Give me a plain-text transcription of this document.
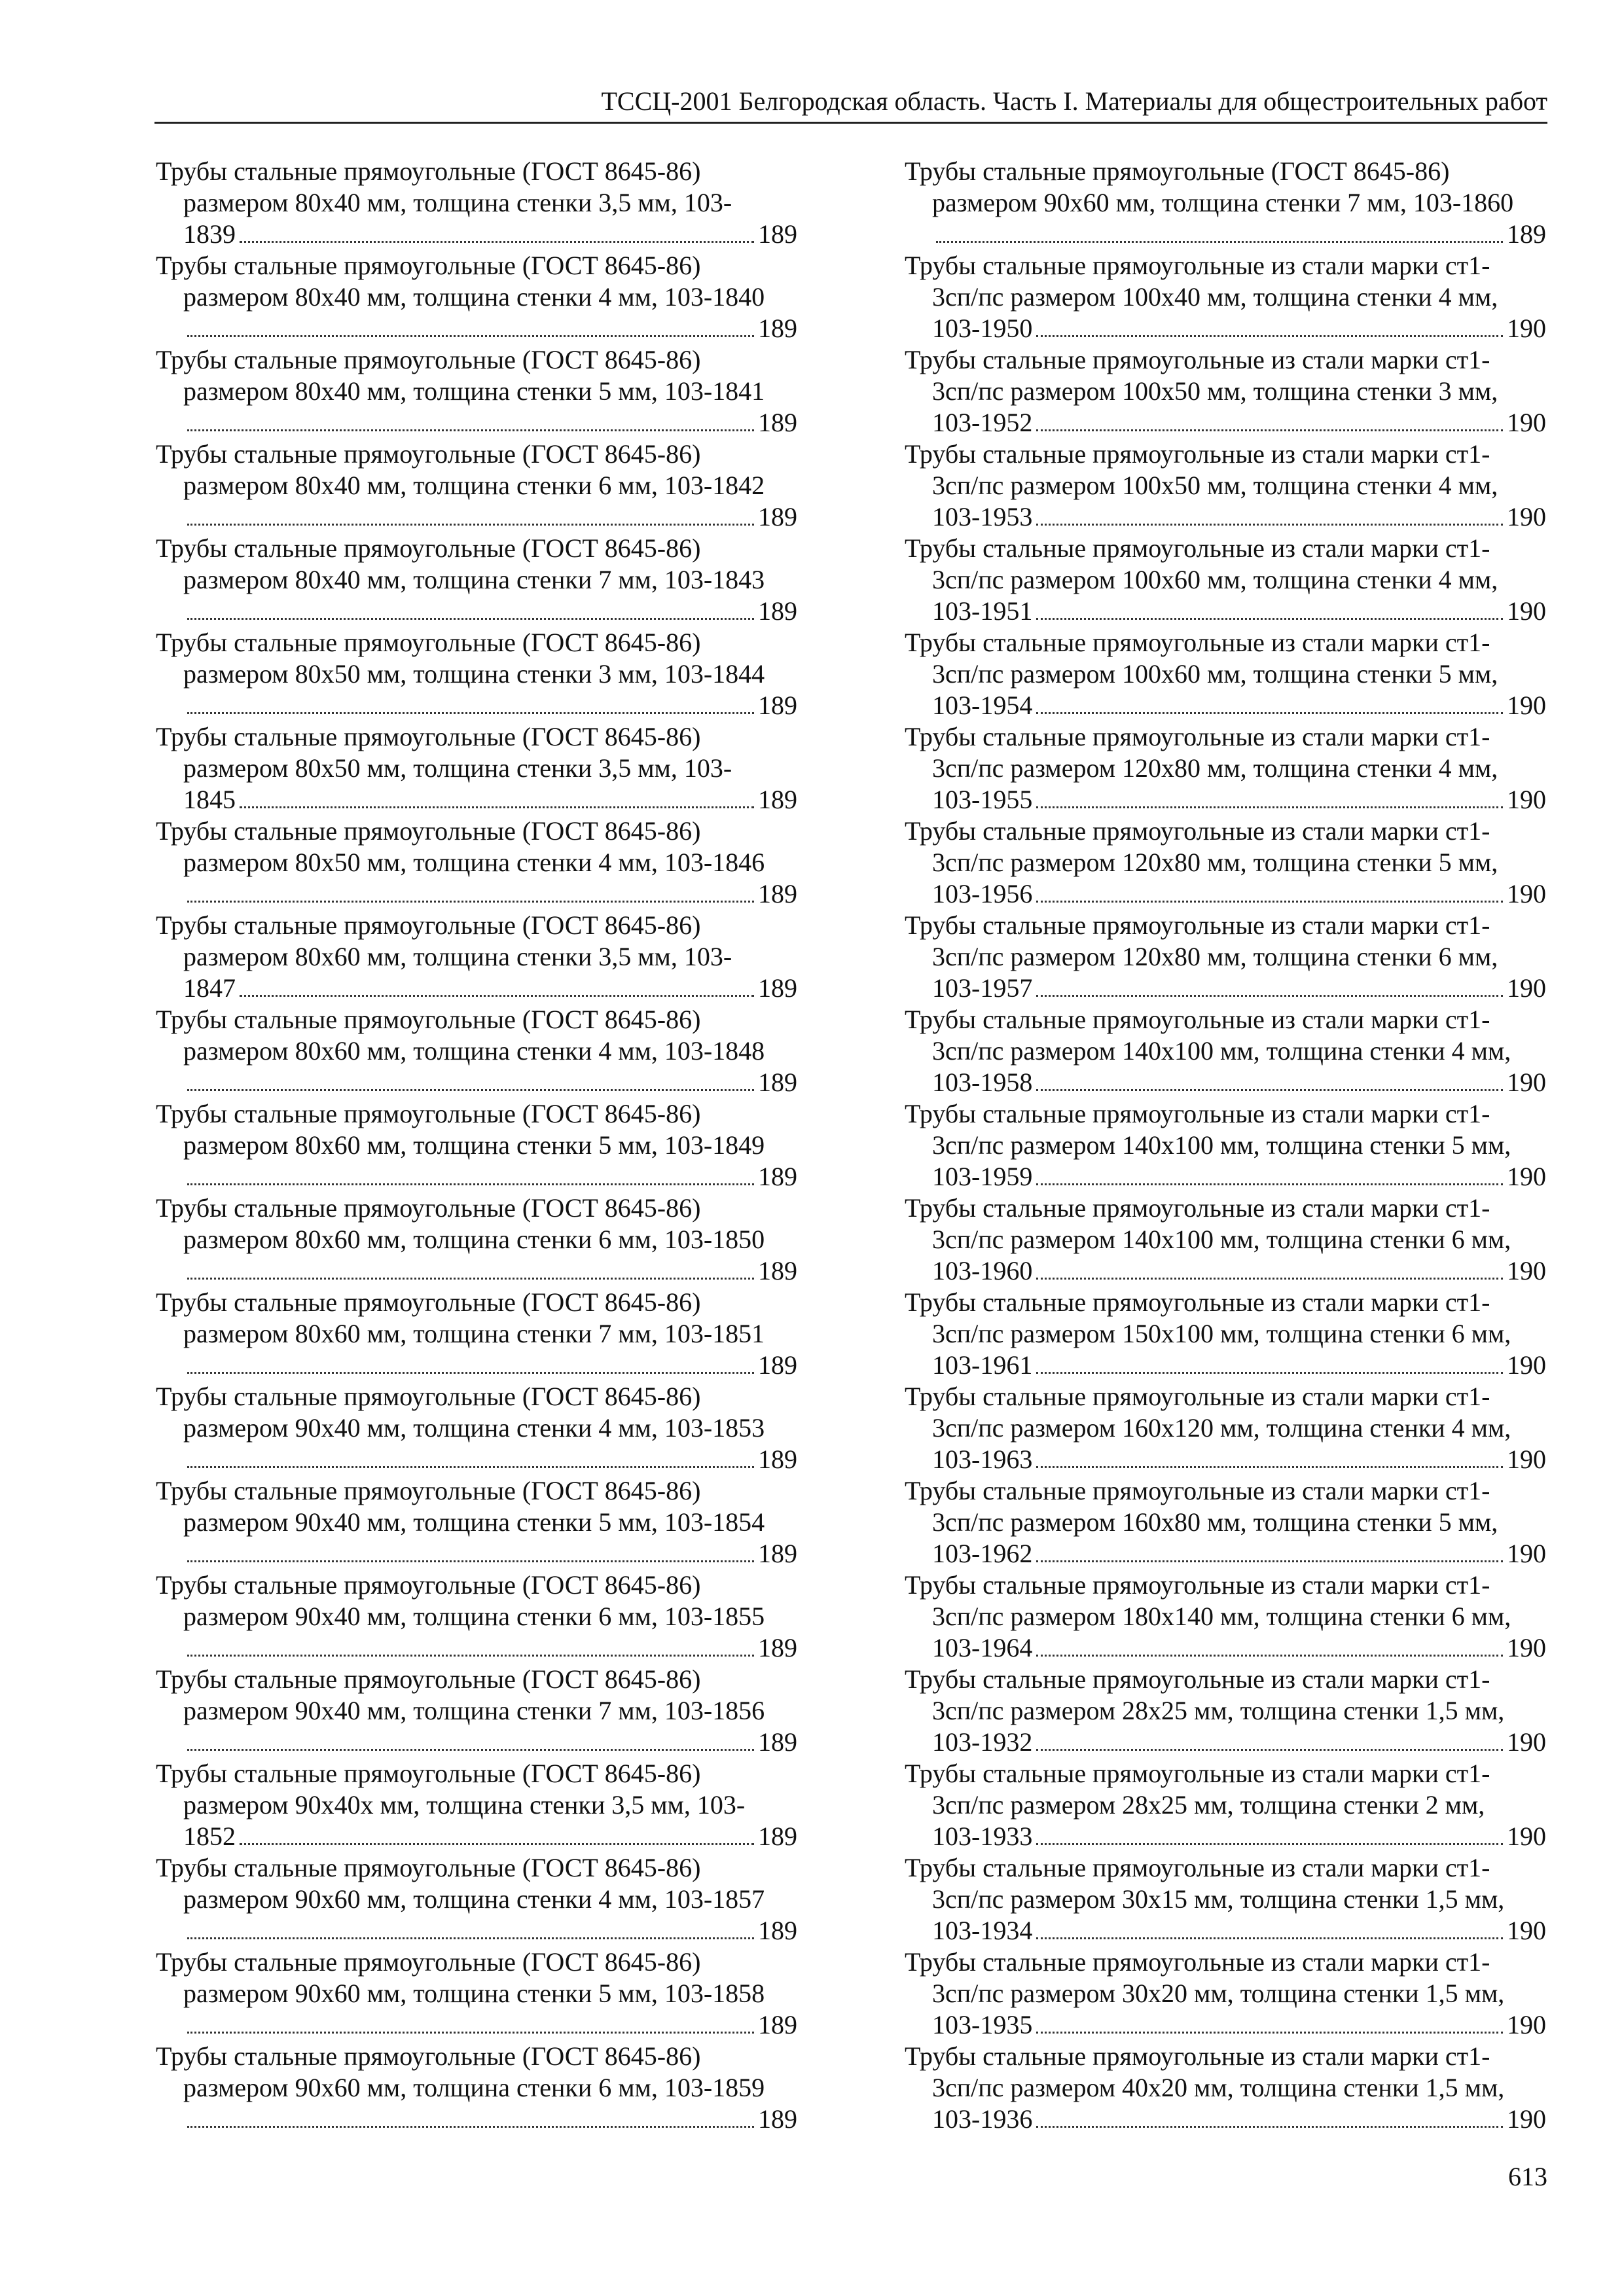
ТССЦ-2001 Белгородская область. Часть I. Материалы для общестроительных работ
Трубы стальные прямоугольные (ГОСТ 8645-86)
размером 80x40 мм, толщина стенки 3,5 мм, 103-
1839	189
Трубы стальные прямоугольные (ГОСТ 8645-86)
размером 80x40 мм, толщина стенки 4 мм, 103-1840
189
Трубы стальные прямоугольные (ГОСТ 8645-86)
размером 80x40 мм, толщина стенки 5 мм, 103-1841
189
Трубы стальные прямоугольные (ГОСТ 8645-86)
размером 80x40 мм, толщина стенки 6 мм, 103-1842
189
Трубы стальные прямоугольные (ГОСТ 8645-86)
размером 80x40 мм, толщина стенки 7 мм, 103-1843
189
Трубы стальные прямоугольные (ГОСТ 8645-86)
размером 80x50 мм, толщина стенки 3 мм, 103-1844
189
Трубы стальные прямоугольные (ГОСТ 8645-86)
размером 80x50 мм, толщина стенки 3,5 мм, 103-
1845	189
Трубы стальные прямоугольные (ГОСТ 8645-86)
размером 80x50 мм, толщина стенки 4 мм, 103-1846
189
Трубы стальные прямоугольные (ГОСТ 8645-86)
размером 80x60 мм, толщина стенки 3,5 мм, 103-
1847	189
Трубы стальные прямоугольные (ГОСТ 8645-86)
размером 80x60 мм, толщина стенки 4 мм, 103-1848
189
Трубы стальные прямоугольные (ГОСТ 8645-86)
размером 80x60 мм, толщина стенки 5 мм, 103-1849
189
Трубы стальные прямоугольные (ГОСТ 8645-86)
размером 80x60 мм, толщина стенки 6 мм, 103-1850
189
Трубы стальные прямоугольные (ГОСТ 8645-86)
размером 80x60 мм, толщина стенки 7 мм, 103-1851
189
Трубы стальные прямоугольные (ГОСТ 8645-86)
размером 90x40 мм, толщина стенки 4 мм, 103-1853
189
Трубы стальные прямоугольные (ГОСТ 8645-86)
размером 90x40 мм, толщина стенки 5 мм, 103-1854
189
Трубы стальные прямоугольные (ГОСТ 8645-86)
размером 90x40 мм, толщина стенки 6 мм, 103-1855
189
Трубы стальные прямоугольные (ГОСТ 8645-86)
размером 90x40 мм, толщина стенки 7 мм, 103-1856
189
Трубы стальные прямоугольные (ГОСТ 8645-86)
размером 90x40x мм, толщина стенки 3,5 мм, 103-
1852	189
Трубы стальные прямоугольные (ГОСТ 8645-86)
размером 90x60 мм, толщина стенки 4 мм, 103-1857
189
Трубы стальные прямоугольные (ГОСТ 8645-86)
размером 90x60 мм, толщина стенки 5 мм, 103-1858
189
Трубы стальные прямоугольные (ГОСТ 8645-86)
размером 90x60 мм, толщина стенки 6 мм, 103-1859
189
Трубы стальные прямоугольные (ГОСТ 8645-86)
размером 90x60 мм, толщина стенки 7 мм, 103-1860
189
Трубы стальные прямоугольные из стали марки ст1-
3сп/пс размером 100x40 мм, толщина стенки 4 мм,
103-1950	190
Трубы стальные прямоугольные из стали марки ст1-
3сп/пс размером 100x50 мм, толщина стенки 3 мм,
103-1952	190
Трубы стальные прямоугольные из стали марки ст1-
3сп/пс размером 100x50 мм, толщина стенки 4 мм,
103-1953	190
Трубы стальные прямоугольные из стали марки ст1-
3сп/пс размером 100x60 мм, толщина стенки 4 мм,
103-1951	190
Трубы стальные прямоугольные из стали марки ст1-
3сп/пс размером 100x60 мм, толщина стенки 5 мм,
103-1954	190
Трубы стальные прямоугольные из стали марки ст1-
3сп/пс размером 120x80 мм, толщина стенки 4 мм,
103-1955	190
Трубы стальные прямоугольные из стали марки ст1-
3сп/пс размером 120x80 мм, толщина стенки 5 мм,
103-1956	190
Трубы стальные прямоугольные из стали марки ст1-
3сп/пс размером 120x80 мм, толщина стенки 6 мм,
103-1957	190
Трубы стальные прямоугольные из стали марки ст1-
3сп/пс размером 140x100 мм, толщина стенки 4 мм,
103-1958	190
Трубы стальные прямоугольные из стали марки ст1-
3сп/пс размером 140x100 мм, толщина стенки 5 мм,
103-1959	190
Трубы стальные прямоугольные из стали марки ст1-
3сп/пс размером 140x100 мм, толщина стенки 6 мм,
103-1960	190
Трубы стальные прямоугольные из стали марки ст1-
3сп/пс размером 150x100 мм, толщина стенки 6 мм,
103-1961	190
Трубы стальные прямоугольные из стали марки ст1-
3сп/пс размером 160x120 мм, толщина стенки 4 мм,
103-1963	190
Трубы стальные прямоугольные из стали марки ст1-
3сп/пс размером 160x80 мм, толщина стенки 5 мм,
103-1962	190
Трубы стальные прямоугольные из стали марки ст1-
3сп/пс размером 180x140 мм, толщина стенки 6 мм,
103-1964	190
Трубы стальные прямоугольные из стали марки ст1-
3сп/пс размером 28x25 мм, толщина стенки 1,5 мм,
103-1932	190
Трубы стальные прямоугольные из стали марки ст1-
3сп/пс размером 28x25 мм, толщина стенки 2 мм,
103-1933	190
Трубы стальные прямоугольные из стали марки ст1-
3сп/пс размером 30x15 мм, толщина стенки 1,5 мм,
103-1934	190
Трубы стальные прямоугольные из стали марки ст1-
3сп/пс размером 30x20 мм, толщина стенки 1,5 мм,
103-1935	190
Трубы стальные прямоугольные из стали марки ст1-
3сп/пс размером 40x20 мм, толщина стенки 1,5 мм,
103-1936	190
613
